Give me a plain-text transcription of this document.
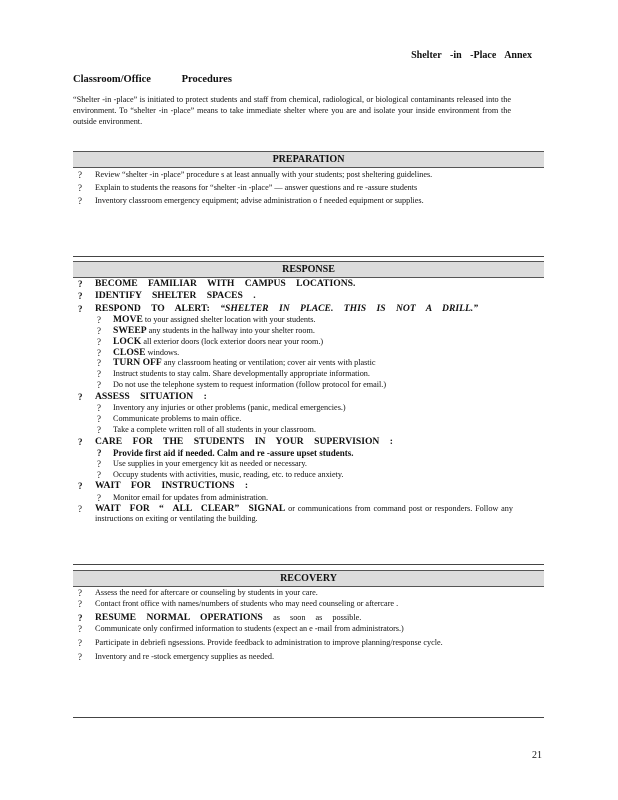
Shelter -in -Place Annex
Classroom/Office Procedures
“Shelter -in -place” is initiated to protect students and staff from chemical, radiological, or biological contaminants released into the environment. To “shelter -in -place” means to take immediate shelter where you are and isolate your inside environment from the outside environment.
PREPARATION
? Review “shelter -in -place” procedure s at least annually with your students; post sheltering guidelines.
? Explain to students the reasons for “shelter -in -place” — answer questions and re -assure students
? Inventory classroom emergency equipment; advise administration o f needed equipment or supplies.
RESPONSE
? BECOME FAMILIAR WITH CAMPUS LOCATIONS.
? IDENTIFY SHELTER SPACES .
? RESPOND TO ALERT: “SHELTER IN PLACE. THIS IS NOT A DRILL.”
? MOVE to your assigned shelter location with your students.
? SWEEP any students in the hallway into your shelter room.
? LOCK all exterior doors (lock exterior doors near your room.)
? CLOSE windows.
? TURN OFF any classroom heating or ventilation; cover air vents with plastic
? Instruct students to stay calm. Share developmentally appropriate information.
? Do not use the telephone system to request information (follow protocol for email.)
? ASSESS SITUATION :
? Inventory any injuries or other problems (panic, medical emergencies.)
? Communicate problems to main office.
? Take a complete written roll of all students in your classroom.
? CARE FOR THE STUDENTS IN YOUR SUPERVISION :
? Provide first aid if needed. Calm and re -assure upset students.
? Use supplies in your emergency kit as needed or necessary.
? Occupy students with activities, music, reading, etc. to reduce anxiety.
? WAIT FOR INSTRUCTIONS :
? Monitor email for updates from administration.
? WAIT FOR “ ALL CLEAR” SIGNAL or communications from command post or responders. Follow any instructions on exiting or ventilating the building.
RECOVERY
? Assess the need for aftercare or counseling by students in your care.
? Contact front office with names/numbers of students who may need counseling or aftercare .
? RESUME NORMAL OPERATIONS as soon as possible.
? Communicate only confirmed information to students (expect an e -mail from administrators.)
? Participate in debriefi ngsessions. Provide feedback to administration to improve planning/response cycle.
? Inventory and re -stock emergency supplies as needed.
21
